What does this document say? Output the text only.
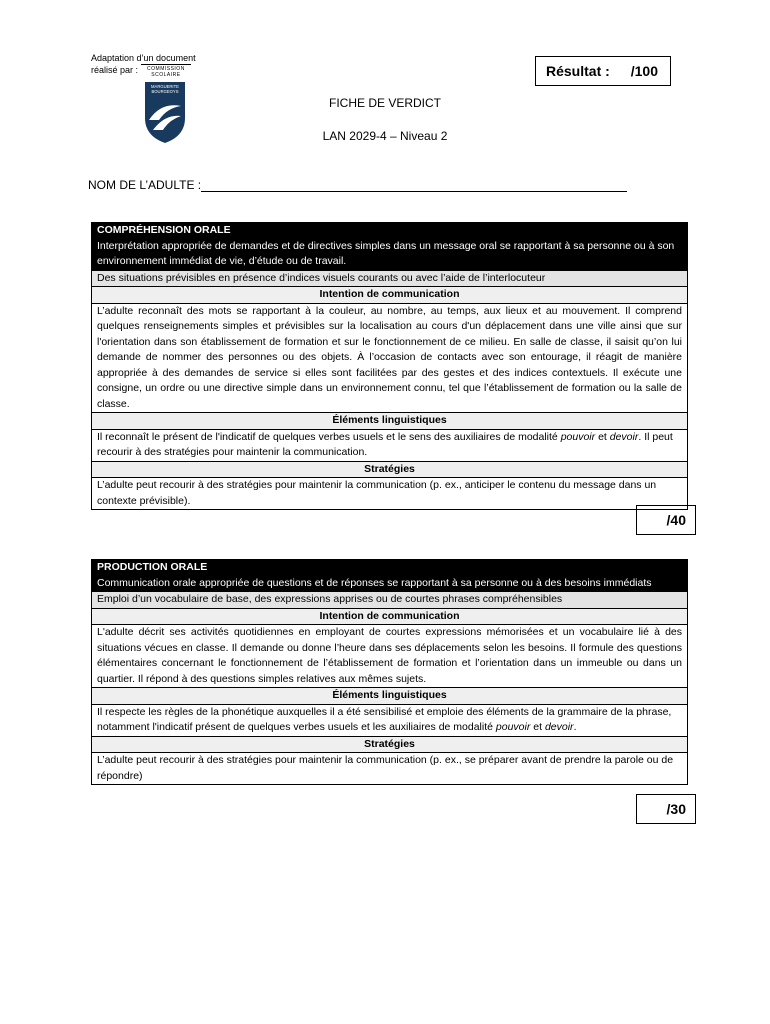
Adaptation d’un document
réalisé par : COMMISSION
SCOLAIRE
MARGUERITE
BOURGEOYS
Résultat : /100
FICHE DE VERDICT
LAN 2029-4 – Niveau 2
NOM DE L’ADULTE :
COMPRÉHENSION ORALE
Interprétation appropriée de demandes et de directives simples dans un message oral se rapportant à sa personne ou à son environnement immédiat de vie, d’étude ou de travail.
Des situations prévisibles en présence d’indices visuels courants ou avec l’aide de l’interlocuteur
Intention de communication
L’adulte reconnaît des mots se rapportant à la couleur, au nombre, au temps, aux lieux et au mouvement. Il comprend quelques renseignements simples et prévisibles sur la localisation au cours d'un déplacement dans une ville ainsi que sur l'orientation dans son établissement de formation et sur le fonctionnement de ce milieu. En salle de classe, il saisit qu’on lui demande de nommer des personnes ou des objets. À l’occasion de contacts avec son entourage, il réagit de manière appropriée à des demandes de service si elles sont facilitées par des gestes et des indices contextuels. Il exécute une consigne, un ordre ou une directive simple dans un environnement connu, tel que l’établissement de formation ou la salle de classe.
Éléments linguistiques
Il reconnaît le présent de l'indicatif de quelques verbes usuels et le sens des auxiliaires de modalité pouvoir et devoir. Il peut recourir à des stratégies pour maintenir la communication.
Stratégies
L’adulte peut recourir à des stratégies pour maintenir la communication (p. ex., anticiper le contenu du message dans un contexte prévisible).
/40
PRODUCTION ORALE
Communication orale appropriée de questions et de réponses se rapportant à sa personne ou à des besoins immédiats
Emploi d’un vocabulaire de base, des expressions apprises ou de courtes phrases compréhensibles
Intention de communication
L'adulte décrit ses activités quotidiennes en employant de courtes expressions mémorisées et un vocabulaire lié à des situations vécues en classe. Il demande ou donne l’heure dans ses déplacements selon les besoins. Il formule des questions élémentaires concernant le fonctionnement de l’établissement de formation et l’orientation dans un immeuble ou dans un quartier. Il répond à des questions simples relatives aux mêmes sujets.
Éléments linguistiques
Il respecte les règles de la phonétique auxquelles il a été sensibilisé et emploie des éléments de la grammaire de la phrase, notamment l'indicatif présent de quelques verbes usuels et les auxiliaires de modalité pouvoir et devoir.
Stratégies
L’adulte peut recourir à des stratégies pour maintenir la communication (p. ex., se préparer avant de prendre la parole ou de répondre)
/30
